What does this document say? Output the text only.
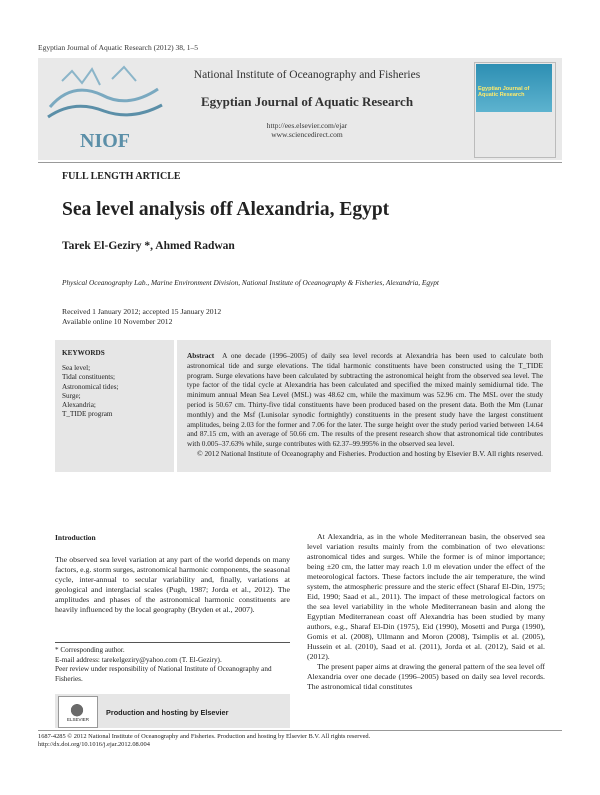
Egyptian Journal of Aquatic Research (2012) 38, 1–5
NIOF
National Institute of Oceanography and Fisheries
Egyptian Journal of Aquatic Research
http://ees.elsevier.com/ejar
www.sciencedirect.com
Egyptian Journal of Aquatic Research
FULL LENGTH ARTICLE
Sea level analysis off Alexandria, Egypt
Tarek El-Geziry *, Ahmed Radwan
Physical Oceanography Lab., Marine Environment Division, National Institute of Oceanography & Fisheries, Alexandria, Egypt
Received 1 January 2012; accepted 15 January 2012
Available online 10 November 2012
KEYWORDS
Sea level;
Tidal constituents;
Astronomical tides;
Surge;
Alexandria;
T_TIDE program
Abstract A one decade (1996–2005) of daily sea level records at Alexandria has been used to calculate both astronomical tide and surge elevations. The tidal harmonic constituents have been constructed using the T_TIDE program. Surge elevations have been calculated by subtracting the astronomical height from the observed sea level. The type factor of the tidal cycle at Alexandria has been calculated and specified the mixed mainly semidiurnal tide. The minimum annual Mean Sea Level (MSL) was 48.62 cm, while the maximum was 52.96 cm. The MSL over the study period is 50.67 cm. Thirty-five tidal constituents have been produced based on the present data. Both the Mm (Lunar monthly) and the Msf (Lunisolar synodic fortnightly) constituents in the present study have the largest constituent amplitudes, being 2.03 for the former and 7.06 for the later. The surge height over the study period varied between 14.64 and 87.15 cm, with an average of 50.66 cm. The results of the present research show that astronomical tide contributes with 0.005–37.63% while, surge contributes with 62.37–99.995% in the observed sea level.
© 2012 National Institute of Oceanography and Fisheries. Production and hosting by Elsevier B.V. All rights reserved.
Introduction
The observed sea level variation at any part of the world depends on many factors, e.g. storm surges, astronomical harmonic components, the seasonal cycle, inter-annual to secular variability and, finally, variations at geological and interglacial scales (Pugh, 1987; Jorda et al., 2012). The amplitudes and phases of the astronomical harmonic constituents are heavily influenced by the local geography (Bryden et al., 2007).
* Corresponding author.
E-mail address: tarekelgeziry@yahoo.com (T. El-Geziry).
Peer review under responsibility of National Institute of Oceanography and Fisheries.
ELSEVIER
Production and hosting by Elsevier

At Alexandria, as in the whole Mediterranean basin, the observed sea level variation results mainly from the combination of two elevations: astronomical tides and surges. While the former is of minor importance; being ±20 cm, the latter may reach 1.0 m elevation under the effect of the meteorological factors. These factors include the air temperature, the wind system, the atmospheric pressure and the steric effect (Sharaf El-Din, 1975; Eid, 1990; Saad et al., 2011). The impact of these metrological factors on the sea level variability in the whole Mediterranean basin and along the Egyptian Mediterranean coast off Alexandria has been studied by many authors, e.g., Sharaf El-Din (1975), Eid (1990), Mosetti and Purga (1990), Gomis et al. (2008), Ullmann and Moron (2008), Tsimplis et al. (2005), Hussein et al. (2010), Saad et al. (2011), Jorda et al. (2012), Said et al. (2012).

The present paper aims at drawing the general pattern of the sea level off Alexandria over one decade (1996–2005) based on daily sea level records. The astronomical tidal constitutes

1687-4285 © 2012 National Institute of Oceanography and Fisheries. Production and hosting by Elsevier B.V. All rights reserved.
http://dx.doi.org/10.1016/j.ejar.2012.08.004
